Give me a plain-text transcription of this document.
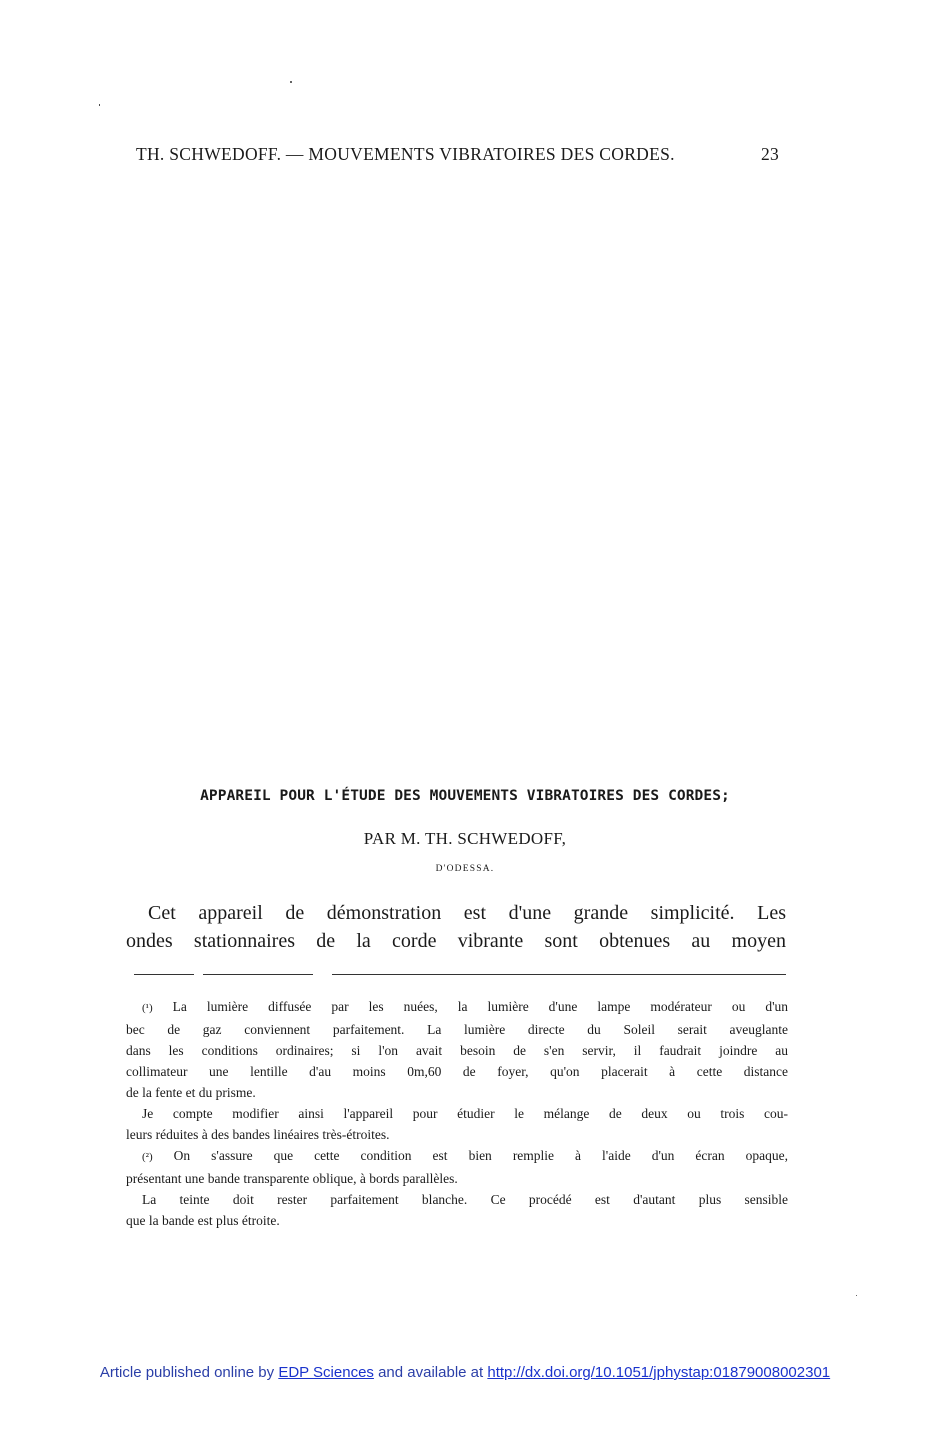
TH. SCHWEDOFF. — MOUVEMENTS VIBRATOIRES DES CORDES.	23
APPAREIL POUR L'ÉTUDE DES MOUVEMENTS VIBRATOIRES DES CORDES;
PAR M. TH. SCHWEDOFF,
D'ODESSA.
Cet appareil de démonstration est d'une grande simplicité. Les
ondes stationnaires de la corde vibrante sont obtenues au moyen

(¹) La lumière diffusée par les nuées, la lumière d'une lampe modérateur ou d'un
bec de gaz conviennent parfaitement. La lumière directe du Soleil serait aveuglante
dans les conditions ordinaires; si l'on avait besoin de s'en servir, il faudrait joindre au
collimateur une lentille d'au moins 0m,60 de foyer, qu'on placerait à cette distance
de la fente et du prisme.

Je compte modifier ainsi l'appareil pour étudier le mélange de deux ou trois cou-
leurs réduites à des bandes linéaires très-étroites.

(²) On s'assure que cette condition est bien remplie à l'aide d'un écran opaque,
présentant une bande transparente oblique, à bords parallèles.

La teinte doit rester parfaitement blanche. Ce procédé est d'autant plus sensible
que la bande est plus étroite.

Article published online by EDP Sciences and available at http://dx.doi.org/10.1051/jphystap:01879008002301
